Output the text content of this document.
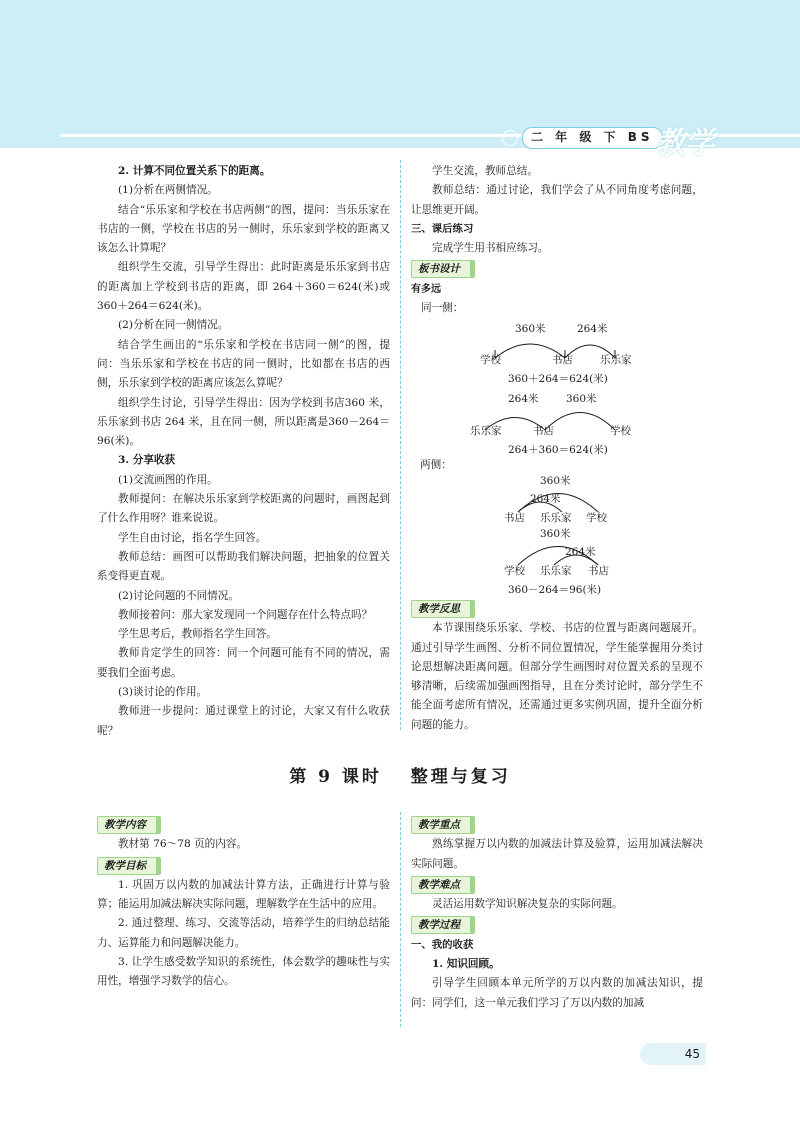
二 年 级 下 BS 教学

2. 计算不同位置关系下的距离。

(1)分析在两侧情况。

结合“乐乐家和学校在书店两侧”的图，提问：当乐乐家在书店的一侧，学校在书店的另一侧时，乐乐家到学校的距离又该怎么计算呢？

组织学生交流，引导学生得出：此时距离是乐乐家到书店的距离加上学校到书店的距离，即 264＋360＝624(米)或 360＋264＝624(米)。

(2)分析在同一侧情况。

结合学生画出的“乐乐家和学校在书店同一侧”的图，提问：当乐乐家和学校在书店的同一侧时，比如都在书店的西侧，乐乐家到学校的距离应该怎么算呢？

组织学生讨论，引导学生得出：因为学校到书店360 米，乐乐家到书店 264 米，且在同一侧，所以距离是360－264＝96(米)。

3. 分享收获

(1)交流画图的作用。

教师提问：在解决乐乐家到学校距离的问题时，画图起到了什么作用呀？谁来说说。

学生自由讨论，指名学生回答。

教师总结：画图可以帮助我们解决问题，把抽象的位置关系变得更直观。

(2)讨论问题的不同情况。

教师接着问：那大家发现同一个问题存在什么特点吗？

学生思考后，教师指名学生回答。

教师肯定学生的回答：同一个问题可能有不同的情况，需要我们全面考虑。

(3)谈讨论的作用。

教师进一步提问：通过课堂上的讨论，大家又有什么收获呢？

学生交流，教师总结。

教师总结：通过讨论，我们学会了从不同角度考虑问题，让思维更开阔。

三、课后练习

完成学生用书相应练习。

板书设计

有多远

同一侧：

360米	264米
学校	书店	乐乐家
360＋264＝624(米)
264米	360米
乐乐家	书店	学校
264＋360＝624(米)
360米
264米
书店 乐乐家 学校
360米
264米
学校 乐乐家 书店
360－264＝96(米)
两侧：
教学反思

本节课围绕乐乐家、学校、书店的位置与距离问题展开。通过引导学生画图、分析不同位置情况，学生能掌握用分类讨论思想解决距离问题。但部分学生画图时对位置关系的呈现不够清晰，后续需加强画图指导，且在分类讨论时，部分学生不能全面考虑所有情况，还需通过更多实例巩固，提升全面分析问题的能力。

第 9 课时　 整理与复习
教学内容

教材第 76～78 页的内容。

教学目标

1. 巩固万以内数的加减法计算方法，正确进行计算与验算；能运用加减法解决实际问题，理解数学在生活中的应用。

2. 通过整理、练习、交流等活动，培养学生的归纳总结能力、运算能力和问题解决能力。

3. 让学生感受数学知识的系统性，体会数学的趣味性与实用性，增强学习数学的信心。

教学重点

熟练掌握万以内数的加减法计算及验算，运用加减法解决实际问题。

教学难点

灵活运用数学知识解决复杂的实际问题。

教学过程

一、我的收获

1. 知识回顾。

引导学生回顾本单元所学的万以内数的加减法知识，提问：同学们，这一单元我们学习了万以内数的加减

45
